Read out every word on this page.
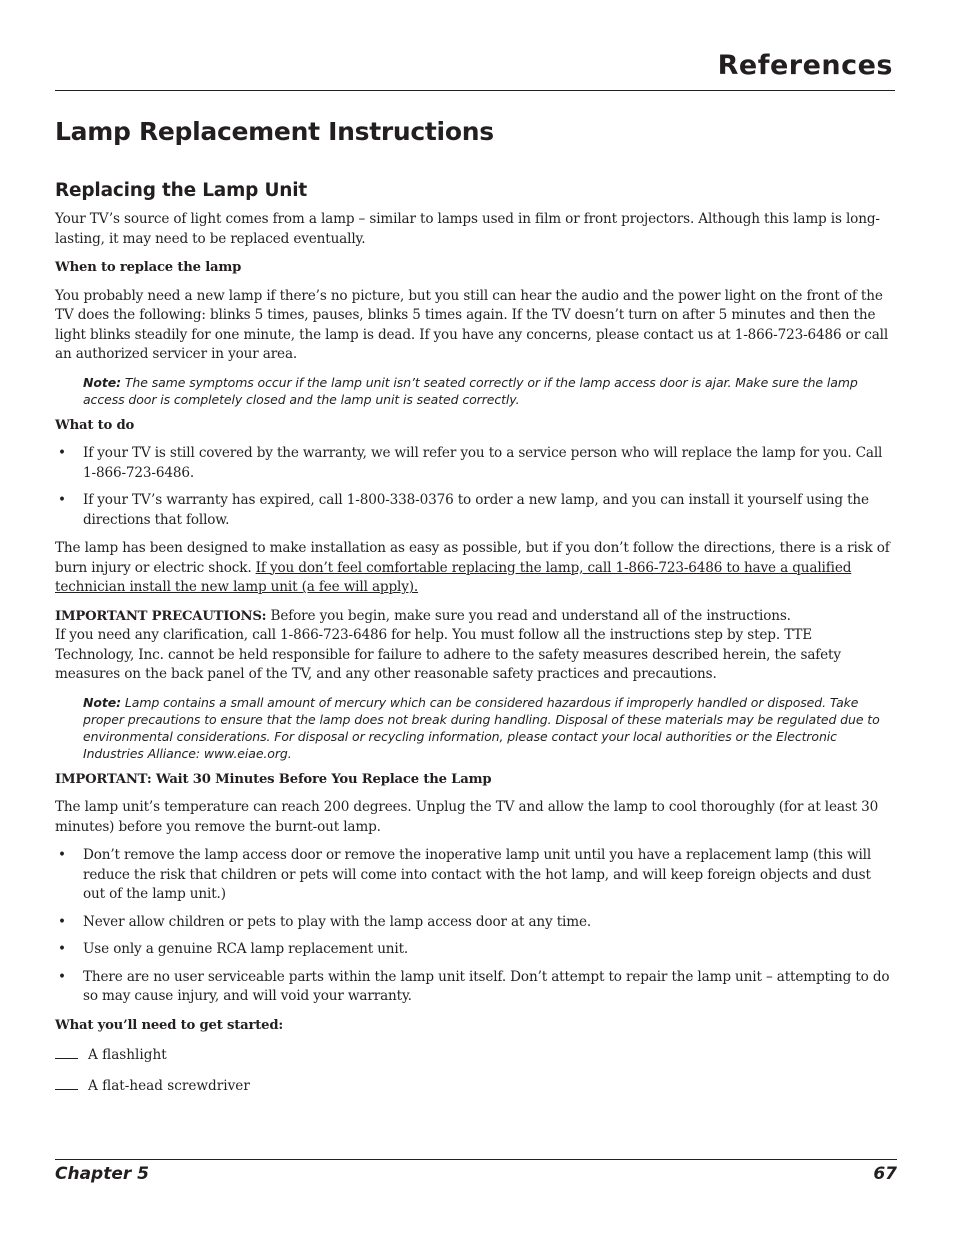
References
Lamp Replacement Instructions
Replacing the Lamp Unit

Your TV’s source of light comes from a lamp – similar to lamps used in film or front projectors. Although this lamp is long-lasting, it may need to be replaced eventually.

When to replace the lamp

You probably need a new lamp if there’s no picture, but you still can hear the audio and the power light on the front of the TV does the following: blinks 5 times, pauses, blinks 5 times again. If the TV doesn’t turn on after 5 minutes and then the light blinks steadily for one minute, the lamp is dead. If you have any concerns, please contact us at 1-866-723-6486 or call an authorized servicer in your area.

Note: The same symptoms occur if the lamp unit isn’t seated correctly or if the lamp access door is ajar. Make sure the lamp access door is completely closed and the lamp unit is seated correctly.
What to do
• If your TV is still covered by the warranty, we will refer you to a service person who will replace the lamp for you. Call 1-866-723-6486.
• If your TV’s warranty has expired, call 1-800-338-0376 to order a new lamp, and you can install it yourself using the directions that follow.

The lamp has been designed to make installation as easy as possible, but if you don’t follow the directions, there is a risk of burn injury or electric shock. If you don’t feel comfortable replacing the lamp, call 1-866-723-6486 to have a qualified technician install the new lamp unit (a fee will apply).

IMPORTANT PRECAUTIONS: Before you begin, make sure you read and understand all of the instructions.
If you need any clarification, call 1-866-723-6486 for help. You must follow all the instructions step by step. TTE Technology, Inc. cannot be held responsible for failure to adhere to the safety measures described herein, the safety measures on the back panel of the TV, and any other reasonable safety practices and precautions.

Note: Lamp contains a small amount of mercury which can be considered hazardous if improperly handled or disposed. Take proper precautions to ensure that the lamp does not break during handling. Disposal of these materials may be regulated due to environmental considerations. For disposal or recycling information, please contact your local authorities or the Electronic Industries Alliance: www.eiae.org.
IMPORTANT: Wait 30 Minutes Before You Replace the Lamp

The lamp unit’s temperature can reach 200 degrees. Unplug the TV and allow the lamp to cool thoroughly (for at least 30 minutes) before you remove the burnt-out lamp.

• Don’t remove the lamp access door or remove the inoperative lamp unit until you have a replacement lamp (this will reduce the risk that children or pets will come into contact with the hot lamp, and will keep foreign objects and dust out of the lamp unit.)
• Never allow children or pets to play with the lamp access door at any time.
• Use only a genuine RCA lamp replacement unit.
• There are no user serviceable parts within the lamp unit itself. Don’t attempt to repair the lamp unit – attempting to do so may cause injury, and will void your warranty.
What you’ll need to get started:
A flashlight
A flat-head screwdriver
Chapter 5	67
